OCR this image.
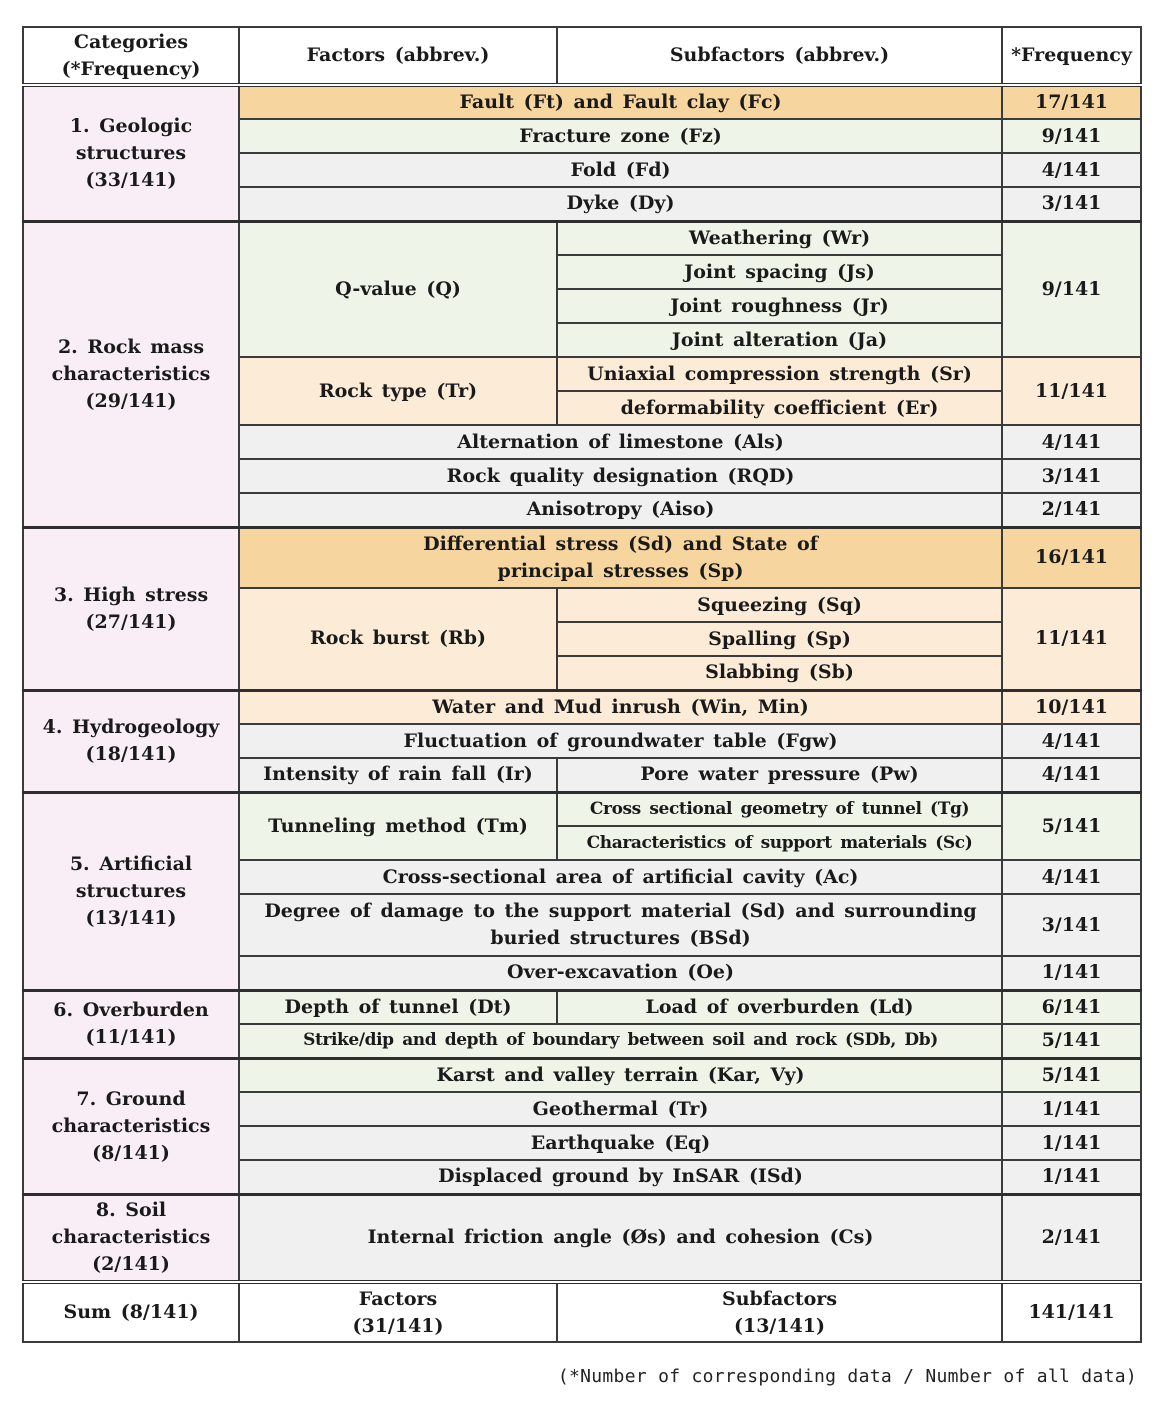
Categories (*Frequency)	Factors (abbrev.)	Subfactors (abbrev.)	*Frequency
1. Geologic structures (33/141)	Fault (Ft) and Fault clay (Fc)		17/141
	Fracture zone (Fz)		9/141
	Fold (Fd)		4/141
	Dyke (Dy)		3/141
2. Rock mass characteristics (29/141)	Q-value (Q)	Weathering (Wr)	9/141
		Joint spacing (Js)	
		Joint roughness (Jr)	
		Joint alteration (Ja)	
	Rock type (Tr)	Uniaxial compression strength (Sr)	11/141
		deformability coefficient (Er)	
	Alternation of limestone (Als)		4/141
	Rock quality designation (RQD)		3/141
	Anisotropy (Aiso)		2/141
3. High stress (27/141)	Differential stress (Sd) and State of principal stresses (Sp)		16/141
	Rock burst (Rb)	Squeezing (Sq)	11/141
		Spalling (Sp)	
		Slabbing (Sb)	
4. Hydrogeology (18/141)	Water and Mud inrush (Win, Min)		10/141
	Fluctuation of groundwater table (Fgw)		4/141
	Intensity of rain fall (Ir)	Pore water pressure (Pw)	4/141
5. Artificial structures (13/141)	Tunneling method (Tm)	Cross sectional geometry of tunnel (Tg)	5/141
		Characteristics of support materials (Sc)	
	Cross-sectional area of artificial cavity (Ac)		4/141
	Degree of damage to the support material (Sd) and surrounding buried structures (BSd)		3/141
	Over-excavation (Oe)		1/141
6. Overburden (11/141)	Depth of tunnel (Dt)	Load of overburden (Ld)	6/141
	Strike/dip and depth of boundary between soil and rock (SDb, Db)		5/141
7. Ground characteristics (8/141)	Karst and valley terrain (Kar, Vy)		5/141
	Geothermal (Tr)		1/141
	Earthquake (Eq)		1/141
	Displaced ground by InSAR (ISd)		1/141
8. Soil characteristics (2/141)	Internal friction angle (Øs) and cohesion (Cs)		2/141
Sum (8/141)	Factors (31/141)	Subfactors (13/141)	141/141
(*Number of corresponding data / Number of all data)
